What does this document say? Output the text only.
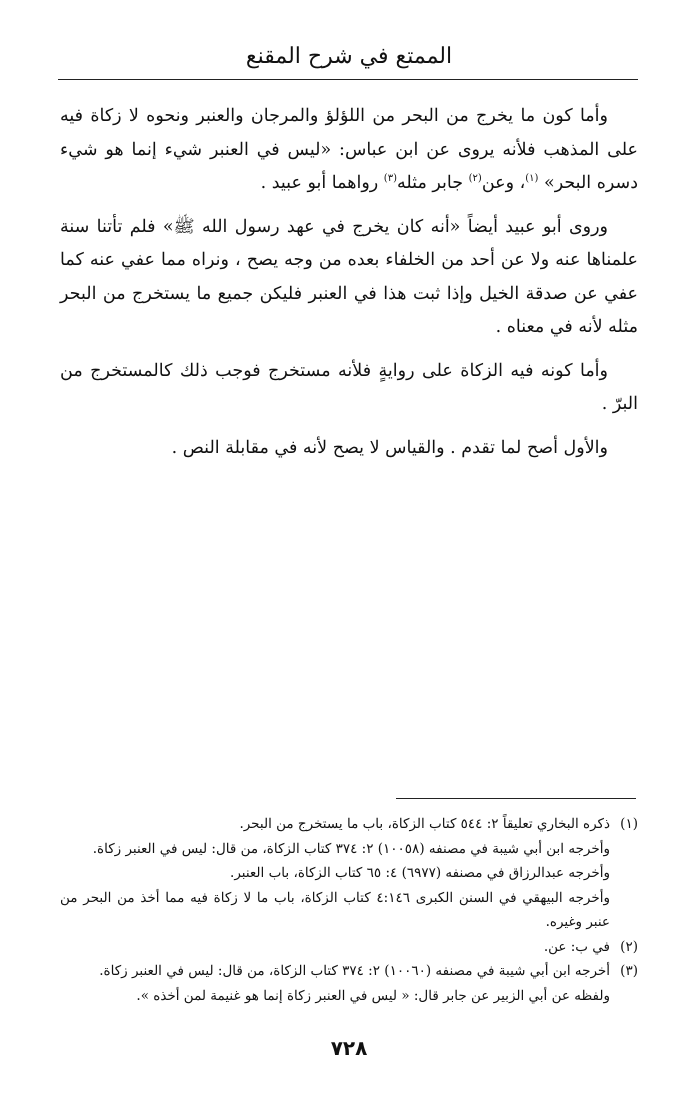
الممتع في شرح المقنع

وأما كون ما يخرج من البحر من اللؤلؤ والمرجان والعنبر ونحوه لا زكاة فيه على المذهب فلأنه يروى عن ابن عباس: «ليس في العنبر شيء إنما هو شيء دسره البحر» $^{(١)}$، وعن$^{(٢)}$ جابر مثله$^{(٣)}$ رواهما أبو عبيد .

وروى أبو عبيد أيضاً «أنه كان يخرج في عهد رسول الله ﷺ» فلم تأتنا سنة علمناها عنه ولا عن أحد من الخلفاء بعده من وجه يصح ، ونراه مما عفي عنه كما عفي عن صدقة الخيل وإذا ثبت هذا في العنبر فليكن جميع ما يستخرج من البحر مثله لأنه في معناه .

وأما كونه فيه الزكاة على روايةٍ فلأنه مستخرج فوجب ذلك كالمستخرج من البرّ .

والأول أصح لما تقدم . والقياس لا يصح لأنه في مقابلة النص .

(١)
ذكره البخاري تعليقاً ٢: ٥٤٤ كتاب الزكاة، باب ما يستخرج من البحر.
وأخرجه ابن أبي شيبة في مصنفه (١٠٠٥٨) ٢: ٣٧٤ كتاب الزكاة، من قال: ليس في العنبر زكاة.
وأخرجه عبدالرزاق في مصنفه (٦٩٧٧) ٤: ٦٥ كتاب الزكاة، باب العنبر.
وأخرجه البيهقي في السنن الكبرى ٤:١٤٦ كتاب الزكاة، باب ما لا زكاة فيه مما أخذ من البحر من عنبر وغيره.
(٢)
في ب: عن.
(٣)
أخرجه ابن أبي شيبة في مصنفه (١٠٠٦٠) ٢: ٣٧٤ كتاب الزكاة، من قال: ليس في العنبر زكاة.
ولفظه عن أبي الزبير عن جابر قال: « ليس في العنبر زكاة إنما هو غنيمة لمن أخذه ».
٧٢٨
